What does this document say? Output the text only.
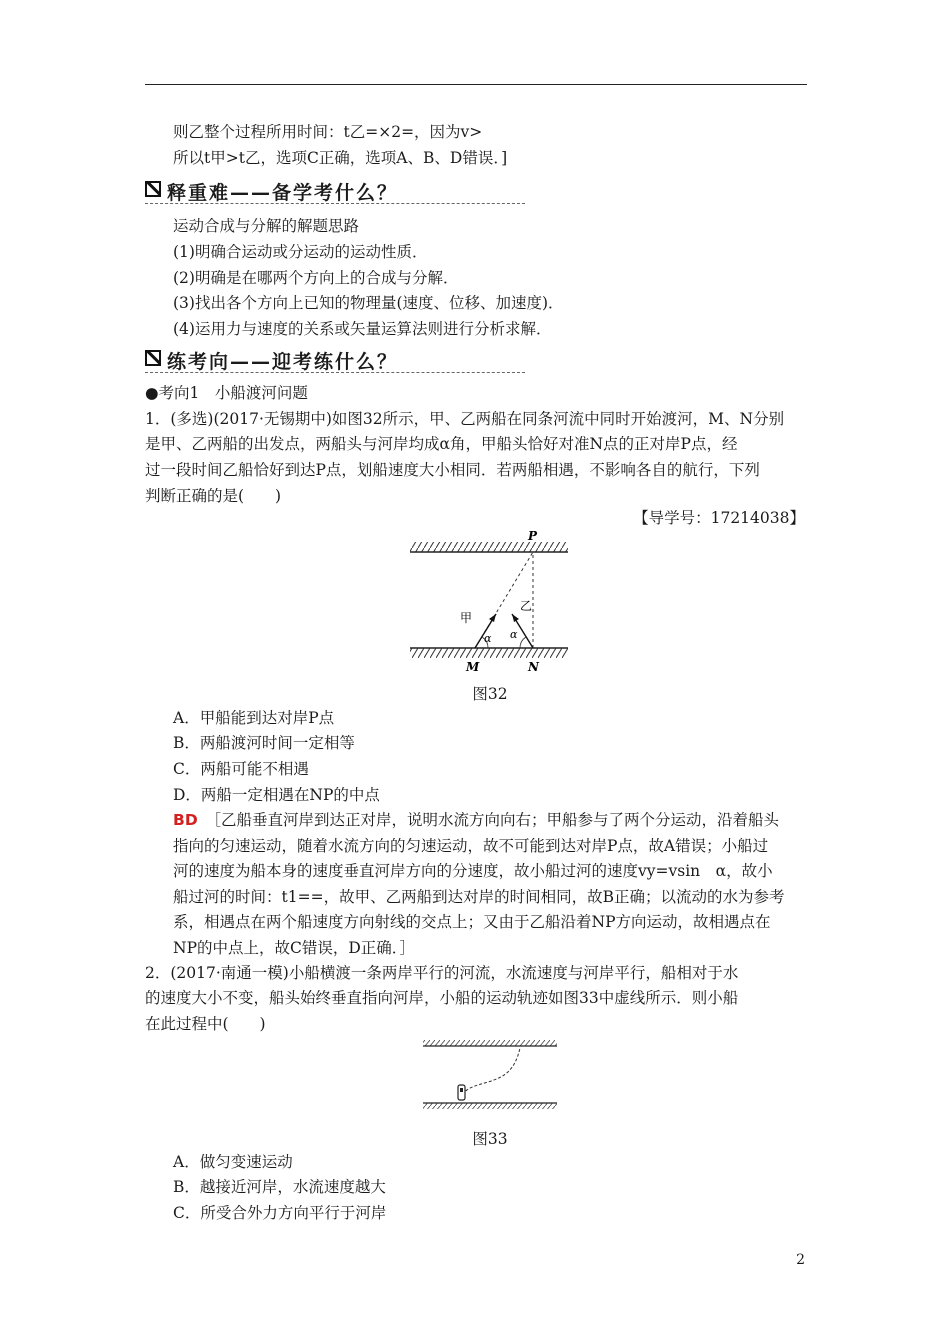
则乙整个过程所用时间：t乙=×2=，因为v>
所以t甲>t乙，选项C正确，选项A、B、D错误．]
释重难——备学考什么？
运动合成与分解的解题思路
(1)明确合运动或分运动的运动性质．
(2)明确是在哪两个方向上的合成与分解．
(3)找出各个方向上已知的物理量(速度、位移、加速度)．
(4)运用力与速度的关系或矢量运算法则进行分析求解．
练考向——迎考练什么？
●考向1　小船渡河问题
1．(多选)(2017·无锡期中)如图32所示，甲、乙两船在同条河流中同时开始渡河，M、N分别
是甲、乙两船的出发点，两船头与河岸均成α角，甲船头恰好对准N点的正对岸P点，经
过一段时间乙船恰好到达P点，划船速度大小相同．若两船相遇，不影响各自的航行，下列
判断正确的是(　　)
【导学号：17214038】
P
M	N
甲
乙
α α
图32
A．甲船能到达对岸P点
B．两船渡河时间一定相等
C．两船可能不相遇
D．两船一定相遇在NP的中点
BD　 ［乙船垂直河岸到达正对岸，说明水流方向向右；甲船参与了两个分运动，沿着船头
指向的匀速运动，随着水流方向的匀速运动，故不可能到达对岸P点，故A错误；小船过
河的速度为船本身的速度垂直河岸方向的分速度，故小船过河的速度vy=vsin　α，故小
船过河的时间：t1==，故甲、乙两船到达对岸的时间相同，故B正确；以流动的水为参考
系，相遇点在两个船速度方向射线的交点上；又由于乙船沿着NP方向运动，故相遇点在
NP的中点上，故C错误，D正确．］
2．(2017·南通一模)小船横渡一条两岸平行的河流，水流速度与河岸平行，船相对于水
的速度大小不变，船头始终垂直指向河岸，小船的运动轨迹如图33中虚线所示．则小船
在此过程中(　　)
图33
A．做匀变速运动
B．越接近河岸，水流速度越大
C．所受合外力方向平行于河岸
2
